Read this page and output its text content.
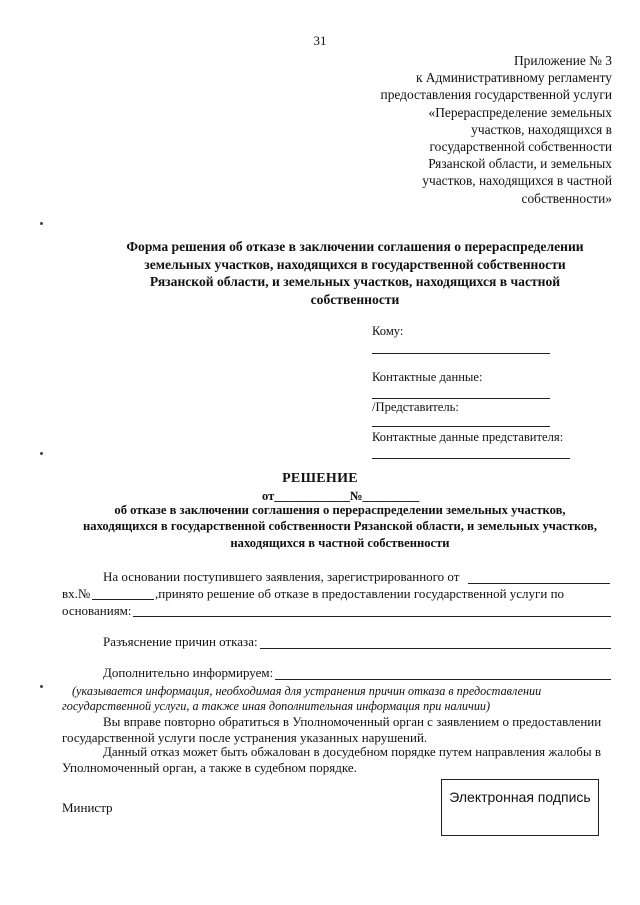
31
Приложение № 3
к Административному регламенту
предоставления государственной услуги
«Перераспределение земельных
участков, находящихся в
государственной собственности
Рязанской области, и земельных
участков, находящихся в частной
собственности»
Форма решения об отказе в заключении соглашения о перераспределении
земельных участков, находящихся в государственной собственности
Рязанской области, и земельных участков, находящихся в частной
собственности
Кому:
Контактные данные:
/Представитель:
Контактные данные представителя:
РЕШЕНИЕ
от____________№_________
об отказе в заключении соглашения о перераспределении земельных участков,
находящихся в государственной собственности Рязанской области, и земельных участков,
находящихся в частной собственности
На основании поступившего заявления, зарегистрированного от
вх.№	,принято решение об отказе в предоставлении государственной услуги по
основаниям:
Разъяснение причин отказа:
Дополнительно информируем:
(указывается информация, необходимая для устранения причин отказа в предоставлении
государственной услуги, а также иная дополнительная информация при наличии)
Вы вправе повторно обратиться в Уполномоченный орган с заявлением о предоставлении
государственной услуги после устранения указанных нарушений.
Данный отказ может быть обжалован в досудебном порядке путем направления жалобы в
Уполномоченный орган, а также в судебном порядке.
Министр
Электронная подпись
